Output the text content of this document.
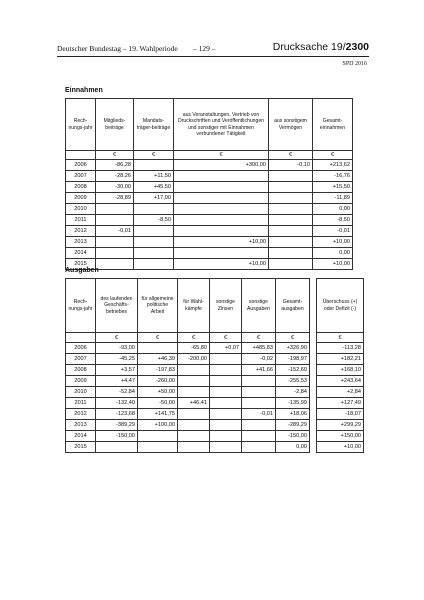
Deutscher Bundestag – 19. Wahlperiode – 129 –	Drucksache 19/2300
SPD 2016
Einnahmen
Rech-nungs-jahr	Mitglieds-beiträge	Mandats-träger-beiträge	aus Veranstaltungen, Vertrieb von Druckschriften und Veröffentlichungen und sonstiger mit Einnahmen verbundener Tätigkeit	aus sonstigem Vermögen	Gesamt-einnahmen
	€	€	€	€	€
2006	-86,28		+300,00	-0,10	+213,62
2007	-28,26	+11,50			-16,76
2008	-30,00	+45,50			+15,50
2009	-28,89	+17,00			-11,89
2010					0,00
2011		-8,50			-8,50
2012	-0,01				-0,01
2013			+10,00		+10,00
2014					0,00
2015			+10,00		+10,00
Ausgaben
Rech-nungs-jahr	des laufenden Geschäfts-betriebes	für allgemeine politische Arbeit	für Wahl-kämpfe	sonstige Zinsen	sonstige Ausgaben	Gesamt-ausgaben		Überschuss (+) oder Defizit (-)
	€	€	€	€	€	€		€
2006	-93,00		-65,80	+0,07	+485,83	+326,90		-113,28
2007	-45,25	+46,30	-200,00		-0,02	-198,97		+182,21
2008	+3,57	-197,83			+41,66	-152,60		+168,10
2009	+4,47	-260,00				-255,53		+243,64
2010	-52,84	+50,00				-2,84		+2,84
2011	-132,40	-50,00	+46,41			-135,99		+127,49
2012	-123,68	+141,75			-0,01	+18,06		-18,07
2013	-389,29	+100,00				-289,29		+299,29
2014	-150,00					-150,00		+150,00
2015						0,00		+10,00
